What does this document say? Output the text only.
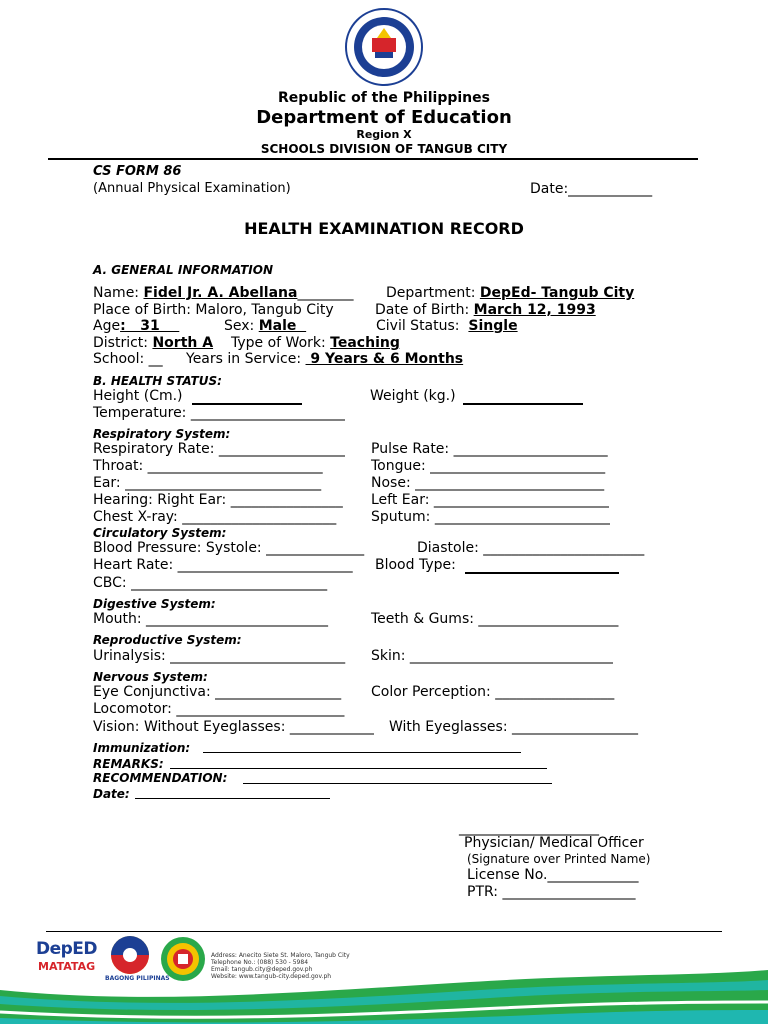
Republic of the Philippines
Department of Education
Region X
SCHOOLS DIVISION OF TANGUB CITY
CS FORM 86
(Annual Physical Examination)	Date:____________
HEALTH EXAMINATION RECORD
A. GENERAL INFORMATION
Name: Fidel Jr. A. Abellana________ Department: DepEd- Tangub City
Place of Birth: Maloro, Tangub City	Date of Birth: March 12, 1993
Age:   31	Sex: Male	Civil Status:  Single
District: North A Type of Work: Teaching
School: __ Years in Service:  9 Years & 6 Months
B. HEALTH STATUS:
Height (Cm.)	Weight (kg.)
Temperature: ______________________
Respiratory System:
Respiratory Rate: __________________ Pulse Rate: ______________________
Throat: _________________________	Tongue: _________________________
Ear: ____________________________	Nose: ___________________________
Hearing: Right Ear: ________________ Left Ear: _________________________
Chest X-ray: ______________________ Sputum: _________________________
Circulatory System:
Blood Pressure: Systole: ______________	Diastole: _______________________
Heart Rate: _________________________ Blood Type:
CBC: ____________________________
Digestive System:
Mouth: __________________________	Teeth & Gums: ____________________
Reproductive System:
Urinalysis: _________________________ Skin: _____________________________
Nervous System:
Eye Conjunctiva: __________________ Color Perception: _________________
Locomotor: ________________________
Vision: Without Eyeglasses: ____________ With Eyeglasses: __________________
Immunization:
REMARKS:
RECOMMENDATION:
Date:
____________________
Physician/ Medical Officer
(Signature over Printed Name)
License No._____________
PTR: ___________________
DepED
MATATAG
BAGONG PILIPINAS
Address: Anecito Siete St. Maloro, Tangub City
Telephone No.: (088) 530 - 5984
Email: tangub.city@deped.gov.ph
Website: www.tangub-city.deped.gov.ph
